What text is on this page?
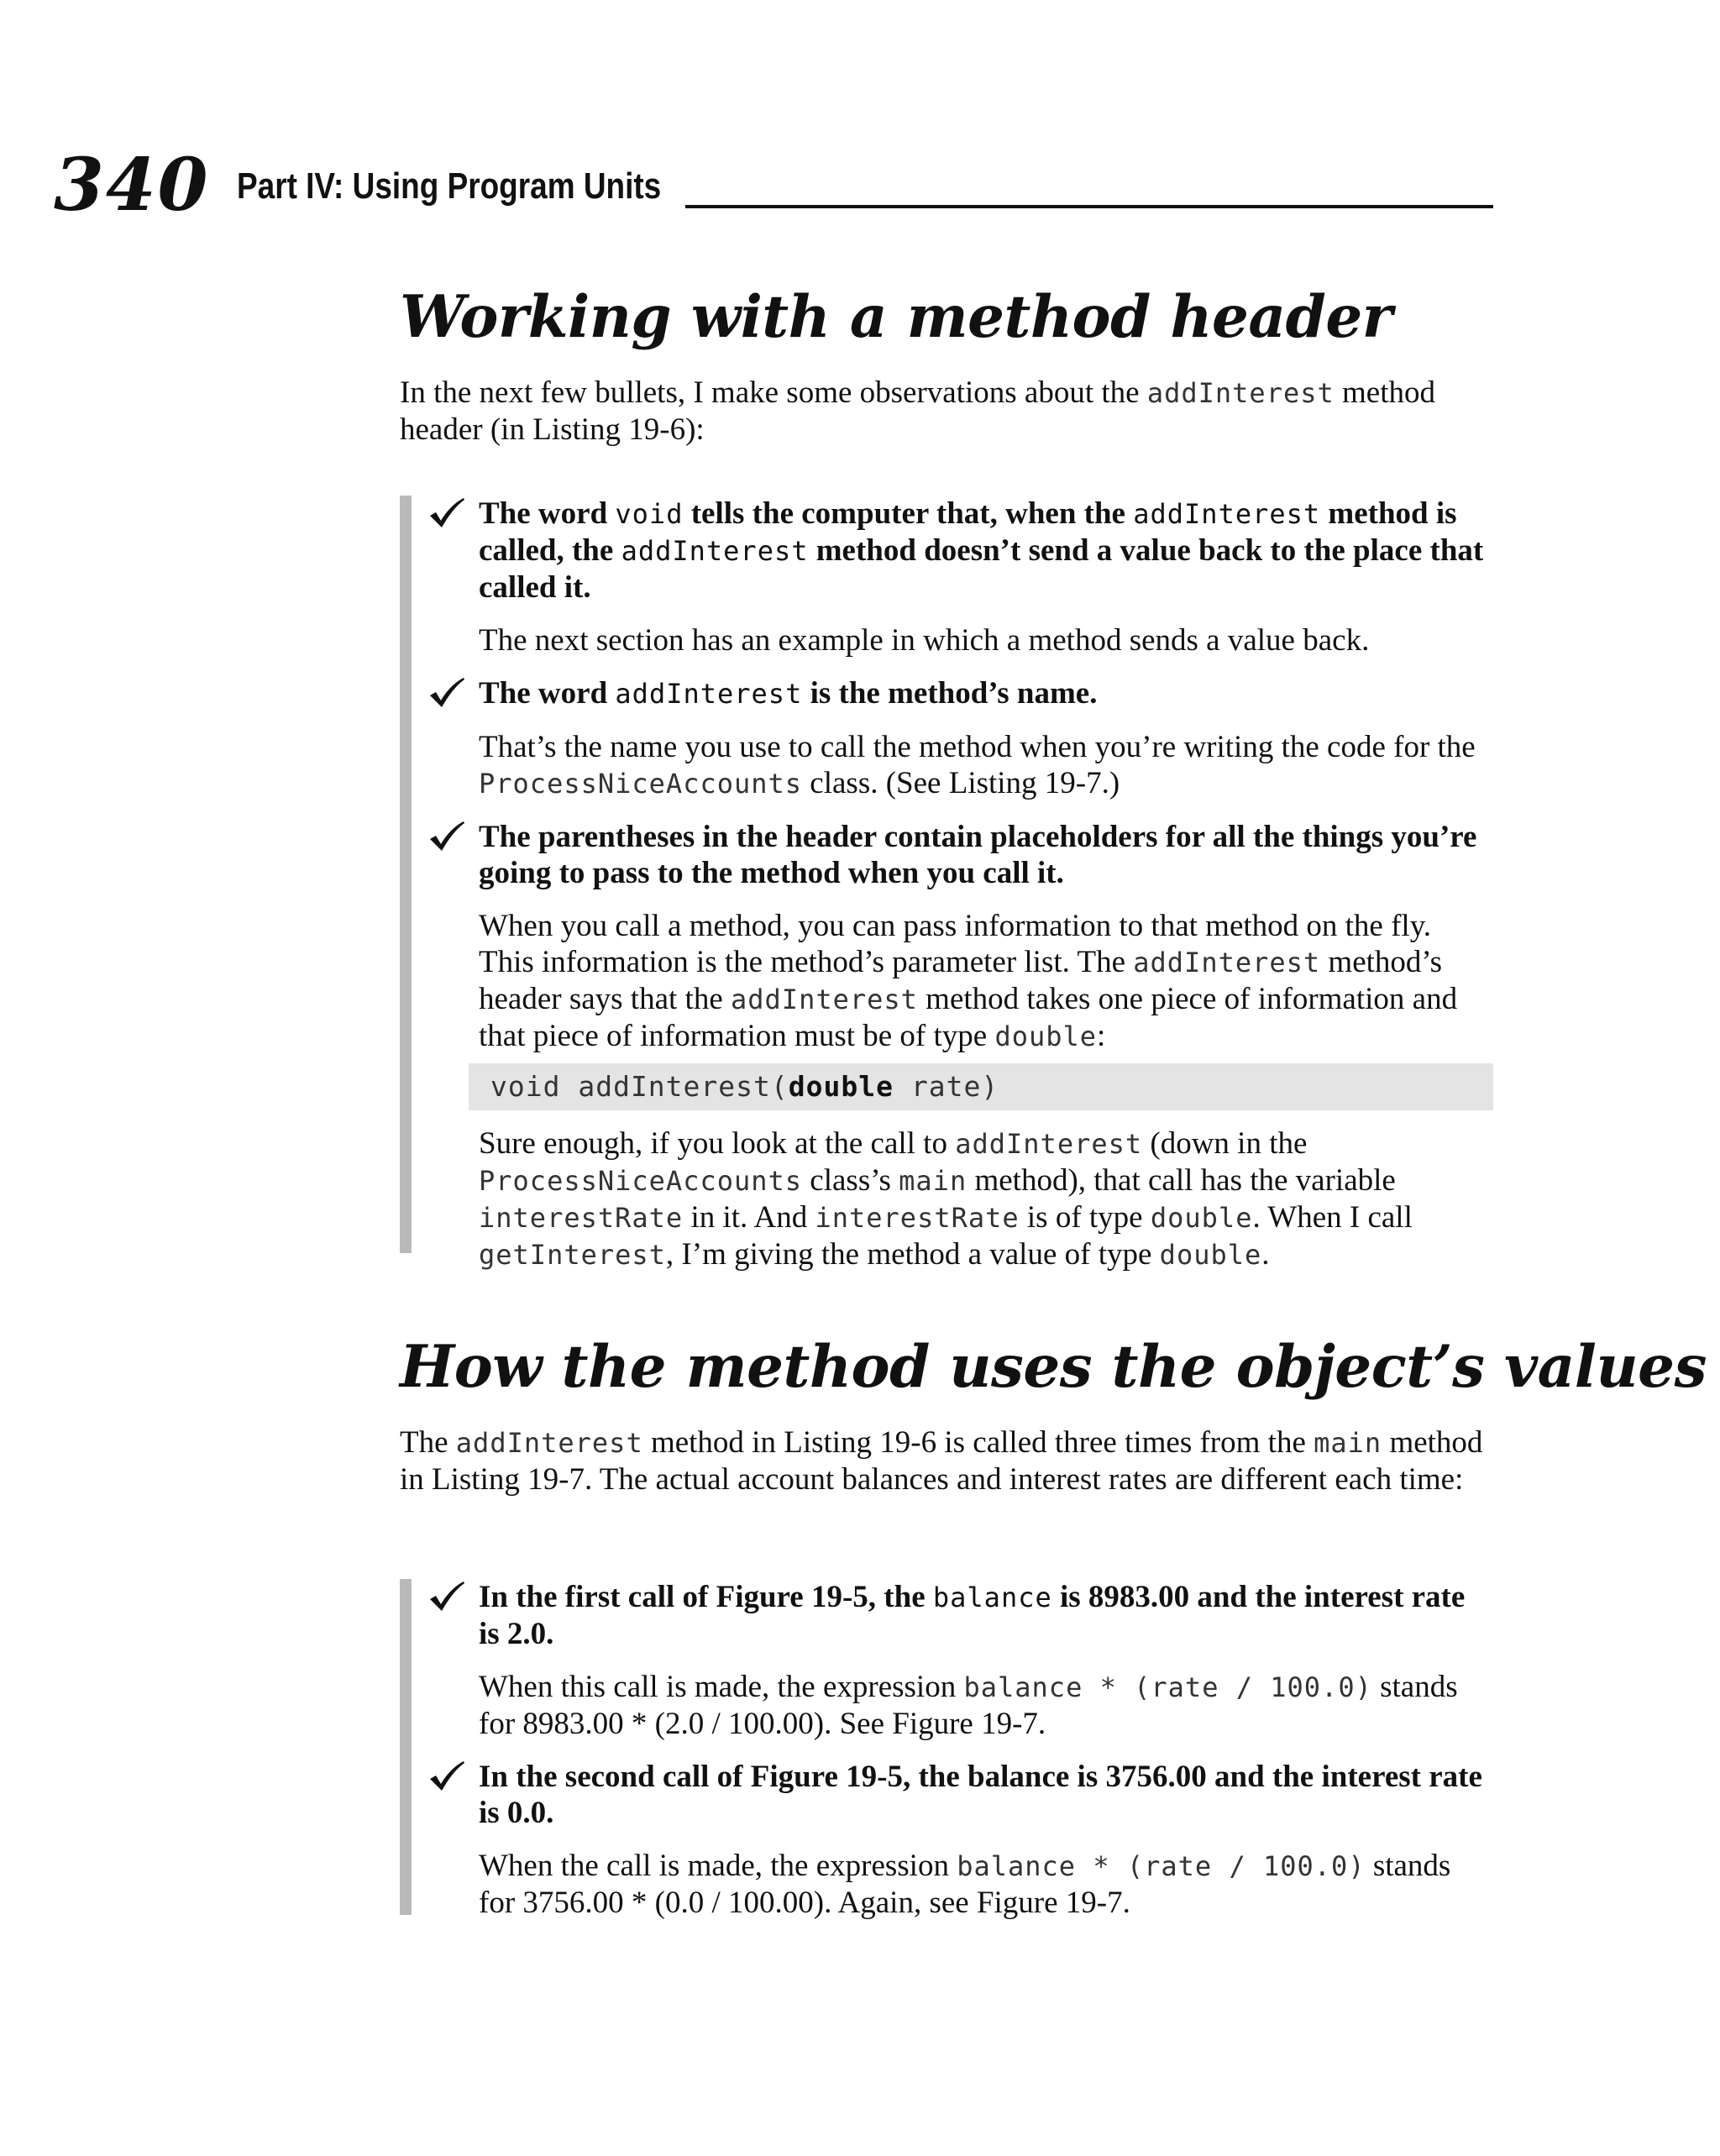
340 Part IV: Using Program Units
Working with a method header

In the next few bullets, I make some observations about the addInterest method header (in Listing 19-6):

The word void tells the computer that, when the addInterest method is called, the addInterest method doesn’t send a value back to the place that called it.

The next section has an example in which a method sends a value back.

The word addInterest is the method’s name.

That’s the name you use to call the method when you’re writing the code for the ProcessNiceAccounts class. (See Listing 19-7.)

The parentheses in the header contain placeholders for all the things you’re going to pass to the method when you call it.

When you call a method, you can pass information to that method on the fly. This information is the method’s parameter list. The addInterest method’s header says that the addInterest method takes one piece of information and that piece of information must be of type double:

void addInterest(double rate)

Sure enough, if you look at the call to addInterest (down in the ProcessNiceAccounts class’s main method), that call has the variable interestRate in it. And interestRate is of type double. When I call getInterest, I’m giving the method a value of type double.

How the method uses the object’s values

The addInterest method in Listing 19-6 is called three times from the main method in Listing 19-7. The actual account balances and interest rates are different each time:

In the first call of Figure 19-5, the balance is 8983.00 and the interest rate is 2.0.

When this call is made, the expression balance * (rate / 100.0) stands for 8983.00 * (2.0 / 100.00). See Figure 19-7.

In the second call of Figure 19-5, the balance is 3756.00 and the interest rate is 0.0.

When the call is made, the expression balance * (rate / 100.0) stands for 3756.00 * (0.0 / 100.00). Again, see Figure 19-7.
